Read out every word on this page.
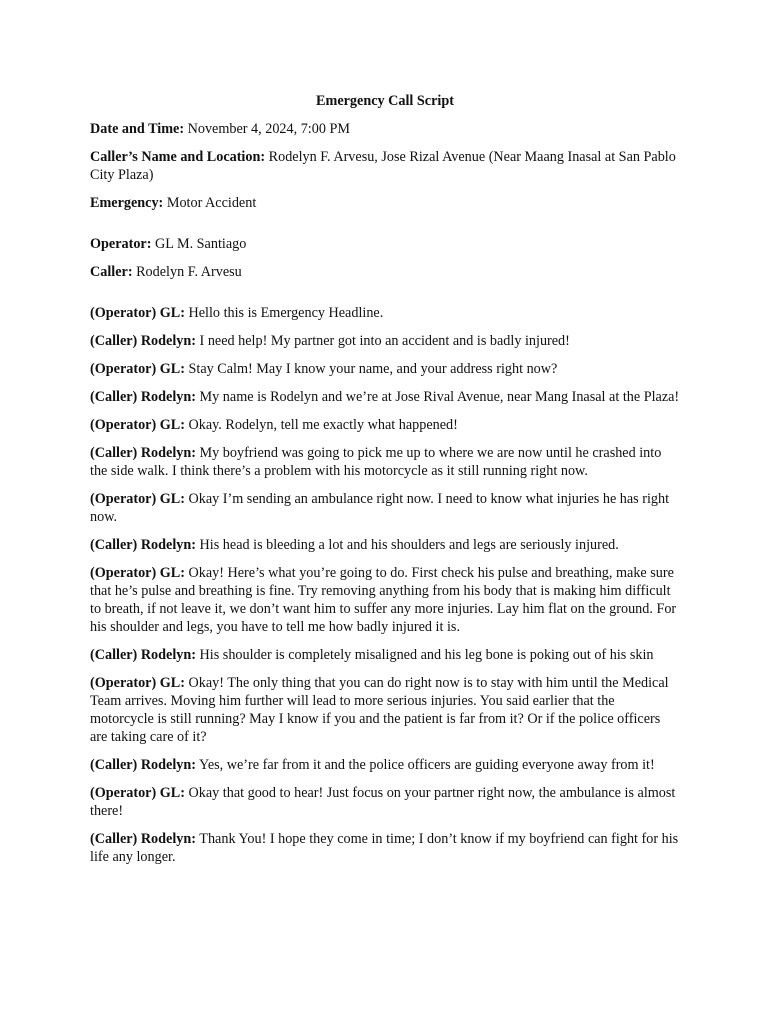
Emergency Call Script

Date and Time: November 4, 2024, 7:00 PM

Caller’s Name and Location: Rodelyn F. Arvesu, Jose Rizal Avenue (Near Maang Inasal at San Pablo City Plaza)

Emergency: Motor Accident

Operator: GL M. Santiago

Caller: Rodelyn F. Arvesu

(Operator) GL: Hello this is Emergency Headline.

(Caller) Rodelyn: I need help! My partner got into an accident and is badly injured!

(Operator) GL: Stay Calm! May I know your name, and your address right now?

(Caller) Rodelyn: My name is Rodelyn and we’re at Jose Rival Avenue, near Mang Inasal at the Plaza!

(Operator) GL: Okay. Rodelyn, tell me exactly what happened!

(Caller) Rodelyn: My boyfriend was going to pick me up to where we are now until he crashed into the side walk. I think there’s a problem with his motorcycle as it still running right now.

(Operator) GL: Okay I’m sending an ambulance right now. I need to know what injuries he has right now.

(Caller) Rodelyn: His head is bleeding a lot and his shoulders and legs are seriously injured.

(Operator) GL: Okay! Here’s what you’re going to do. First check his pulse and breathing, make sure that he’s pulse and breathing is fine. Try removing anything from his body that is making him difficult to breath, if not leave it, we don’t want him to suffer any more injuries. Lay him flat on the ground. For his shoulder and legs, you have to tell me how badly injured it is.

(Caller) Rodelyn: His shoulder is completely misaligned and his leg bone is poking out of his skin

(Operator) GL: Okay! The only thing that you can do right now is to stay with him until the Medical Team arrives. Moving him further will lead to more serious injuries. You said earlier that the motorcycle is still running? May I know if you and the patient is far from it? Or if the police officers are taking care of it?

(Caller) Rodelyn: Yes, we’re far from it and the police officers are guiding everyone away from it!

(Operator) GL: Okay that good to hear! Just focus on your partner right now, the ambulance is almost there!

(Caller) Rodelyn: Thank You! I hope they come in time; I don’t know if my boyfriend can fight for his life any longer.
